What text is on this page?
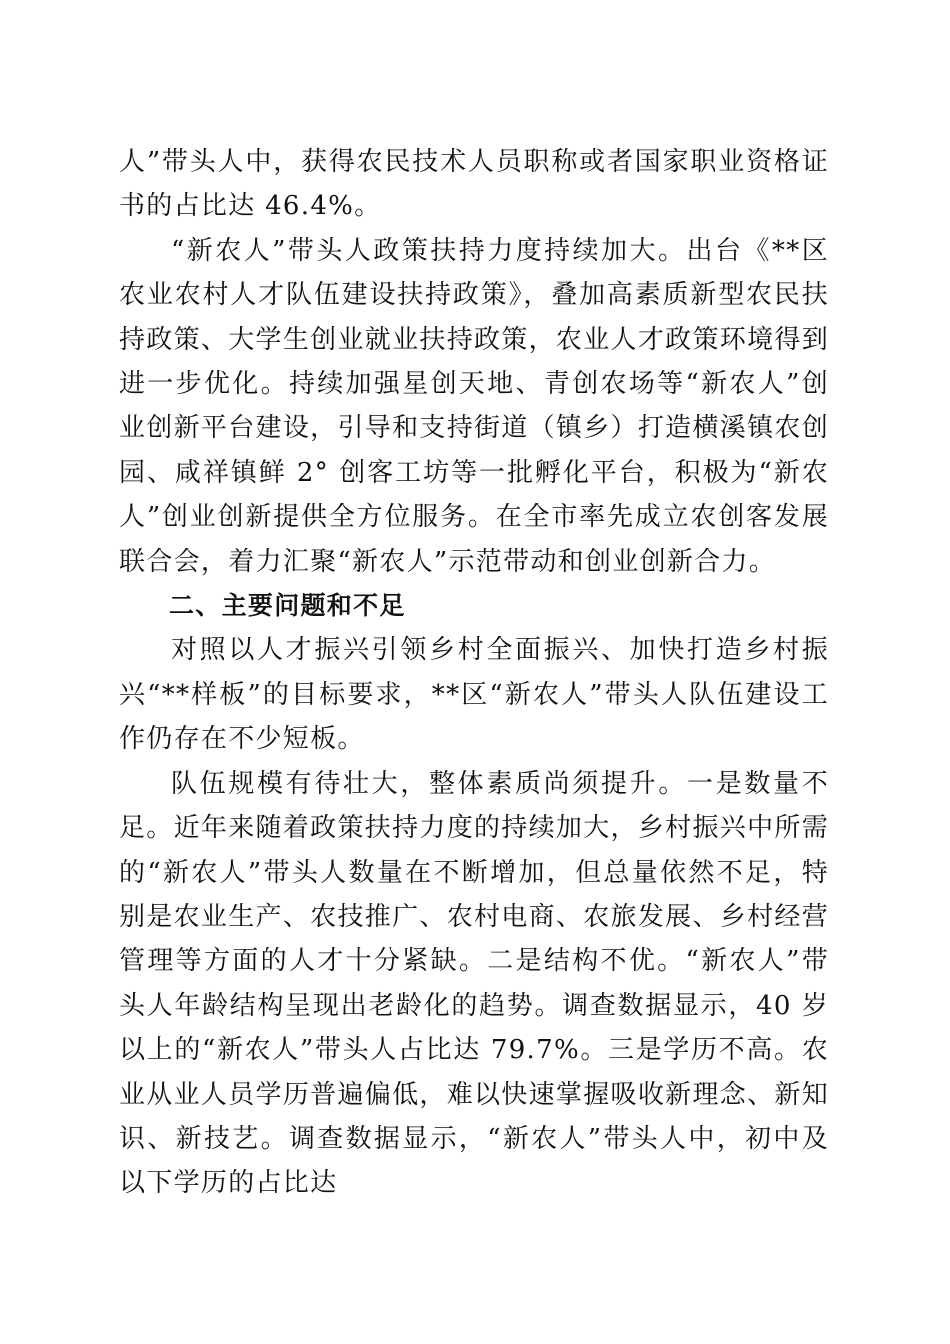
人”带头人中，获得农民技术人员职称或者国家职业资格证书的占比达 46.4%。

“新农人”带头人政策扶持力度持续加大。出台《**区农业农村人才队伍建设扶持政策》，叠加高素质新型农民扶持政策、大学生创业就业扶持政策，农业人才政策环境得到进一步优化。持续加强星创天地、青创农场等“新农人”创业创新平台建设，引导和支持街道（镇乡）打造横溪镇农创园、咸祥镇鲜 2° 创客工坊等一批孵化平台，积极为“新农人”创业创新提供全方位服务。在全市率先成立农创客发展联合会，着力汇聚“新农人”示范带动和创业创新合力。

二、主要问题和不足

对照以人才振兴引领乡村全面振兴、加快打造乡村振兴“**样板”的目标要求，**区“新农人”带头人队伍建设工作仍存在不少短板。

队伍规模有待壮大，整体素质尚须提升。一是数量不足。近年来随着政策扶持力度的持续加大，乡村振兴中所需的“新农人”带头人数量在不断增加，但总量依然不足，特别是农业生产、农技推广、农村电商、农旅发展、乡村经营管理等方面的人才十分紧缺。二是结构不优。“新农人”带头人年龄结构呈现出老龄化的趋势。调查数据显示，40 岁以上的“新农人”带头人占比达 79.7%。三是学历不高。农业从业人员学历普遍偏低，难以快速掌握吸收新理念、新知识、新技艺。调查数据显示，“新农人”带头人中，初中及以下学历的占比达
